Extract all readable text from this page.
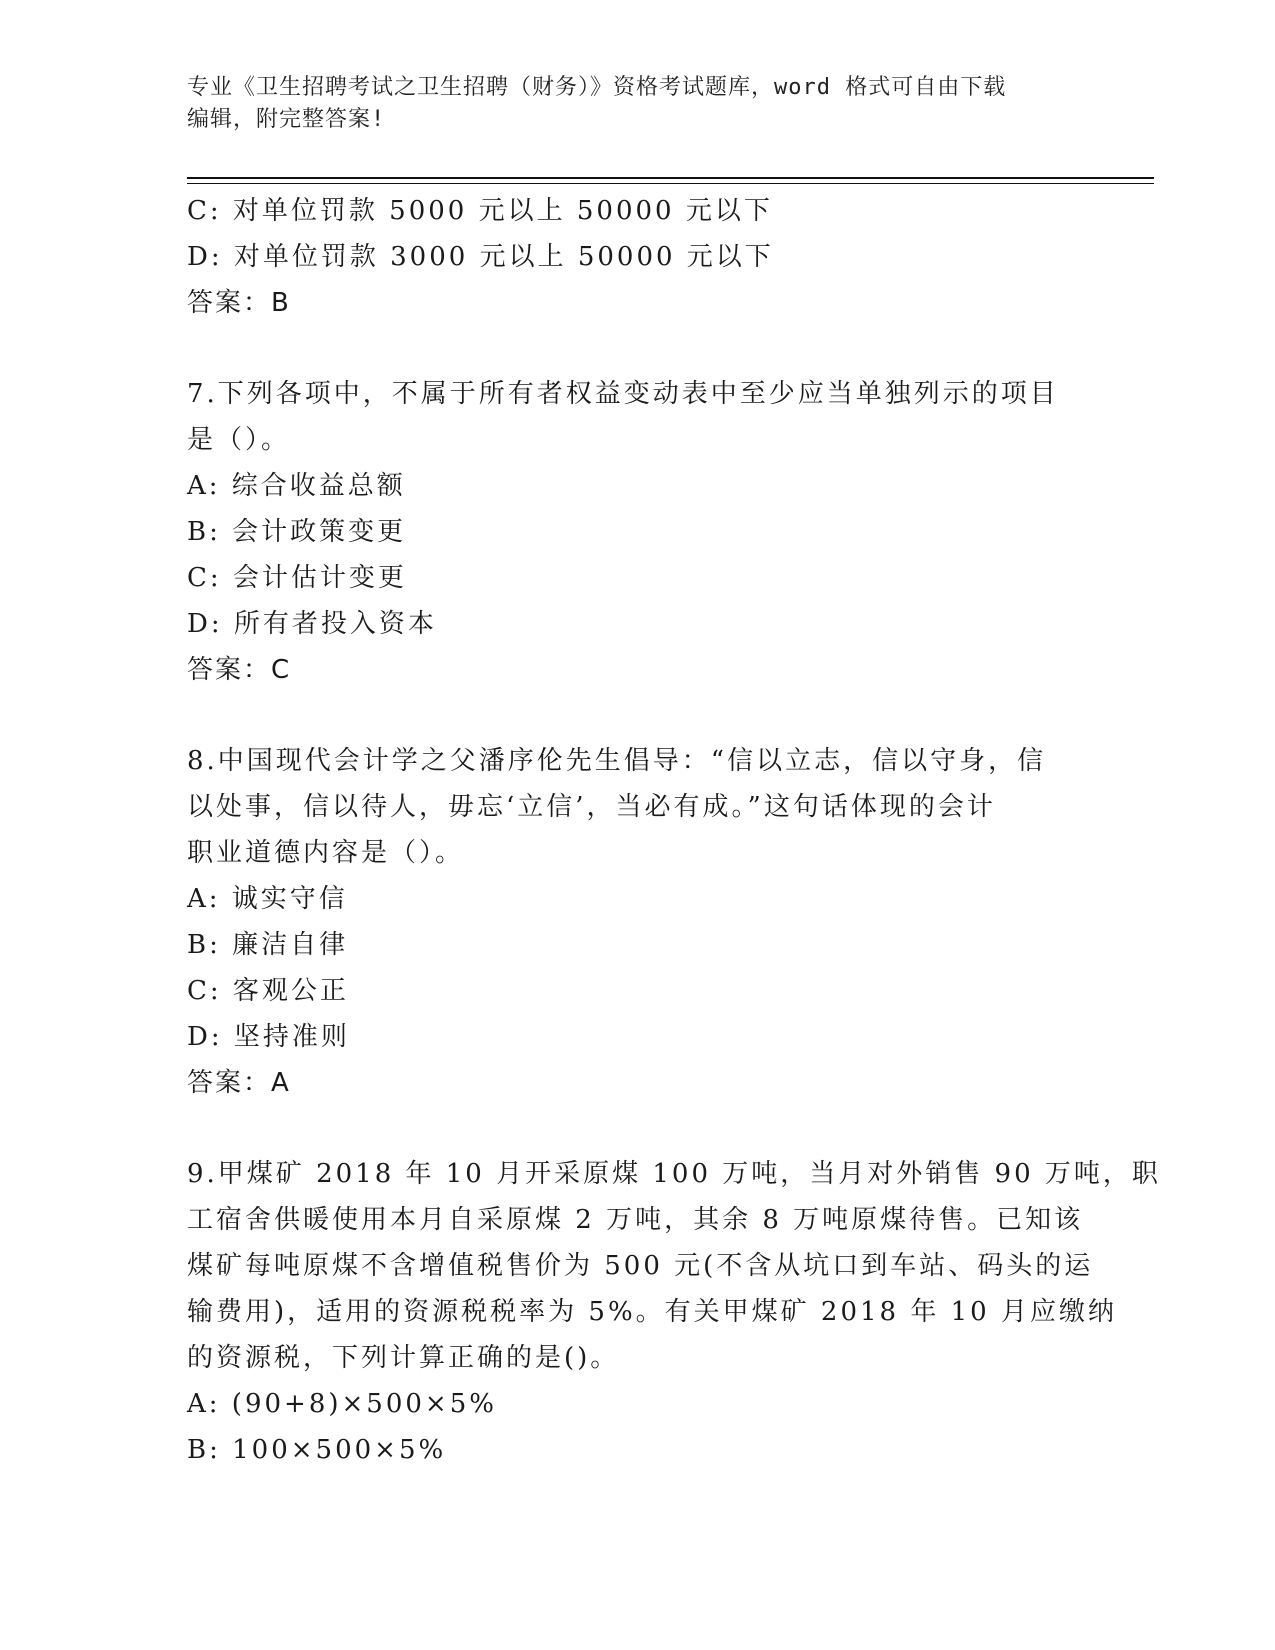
专业《卫生招聘考试之卫生招聘（财务）》资格考试题库，word 格式可自由下载
编辑，附完整答案!
C: 对单位罚款 5000 元以上 50000 元以下
D: 对单位罚款 3000 元以上 50000 元以下
答案：B
7.下列各项中，不属于所有者权益变动表中至少应当单独列示的项目
是（）。
A: 综合收益总额
B: 会计政策变更
C: 会计估计变更
D: 所有者投入资本
答案：C
8.中国现代会计学之父潘序伦先生倡导：“信以立志，信以守身，信
以处事，信以待人，毋忘‘立信’，当必有成。”这句话体现的会计
职业道德内容是（）。
A: 诚实守信
B: 廉洁自律
C: 客观公正
D: 坚持准则
答案：A
9.甲煤矿 2018 年 10 月开采原煤 100 万吨，当月对外销售 90 万吨，职
工宿舍供暖使用本月自采原煤 2 万吨，其余 8 万吨原煤待售。已知该
煤矿每吨原煤不含增值税售价为 500 元(不含从坑口到车站、码头的运
输费用)，适用的资源税税率为 5%。有关甲煤矿 2018 年 10 月应缴纳
的资源税，下列计算正确的是()。
A: (90+8)×500×5%
B: 100×500×5%
